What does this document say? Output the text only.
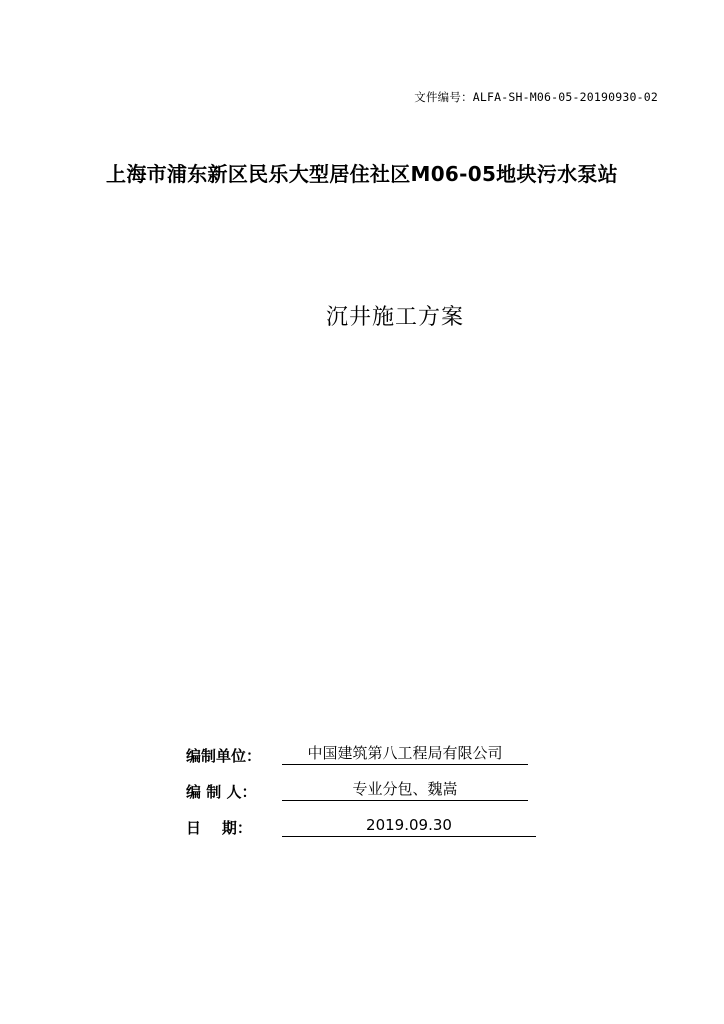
文件编号：ALFA-SH-M06-05-20190930-02
上海市浦东新区民乐大型居住社区M06-05地块污水泵站
沉井施工方案
编制单位：	中国建筑第八工程局有限公司
编 制 人：	专业分包、魏嵩
日    期：	2019.09.30
